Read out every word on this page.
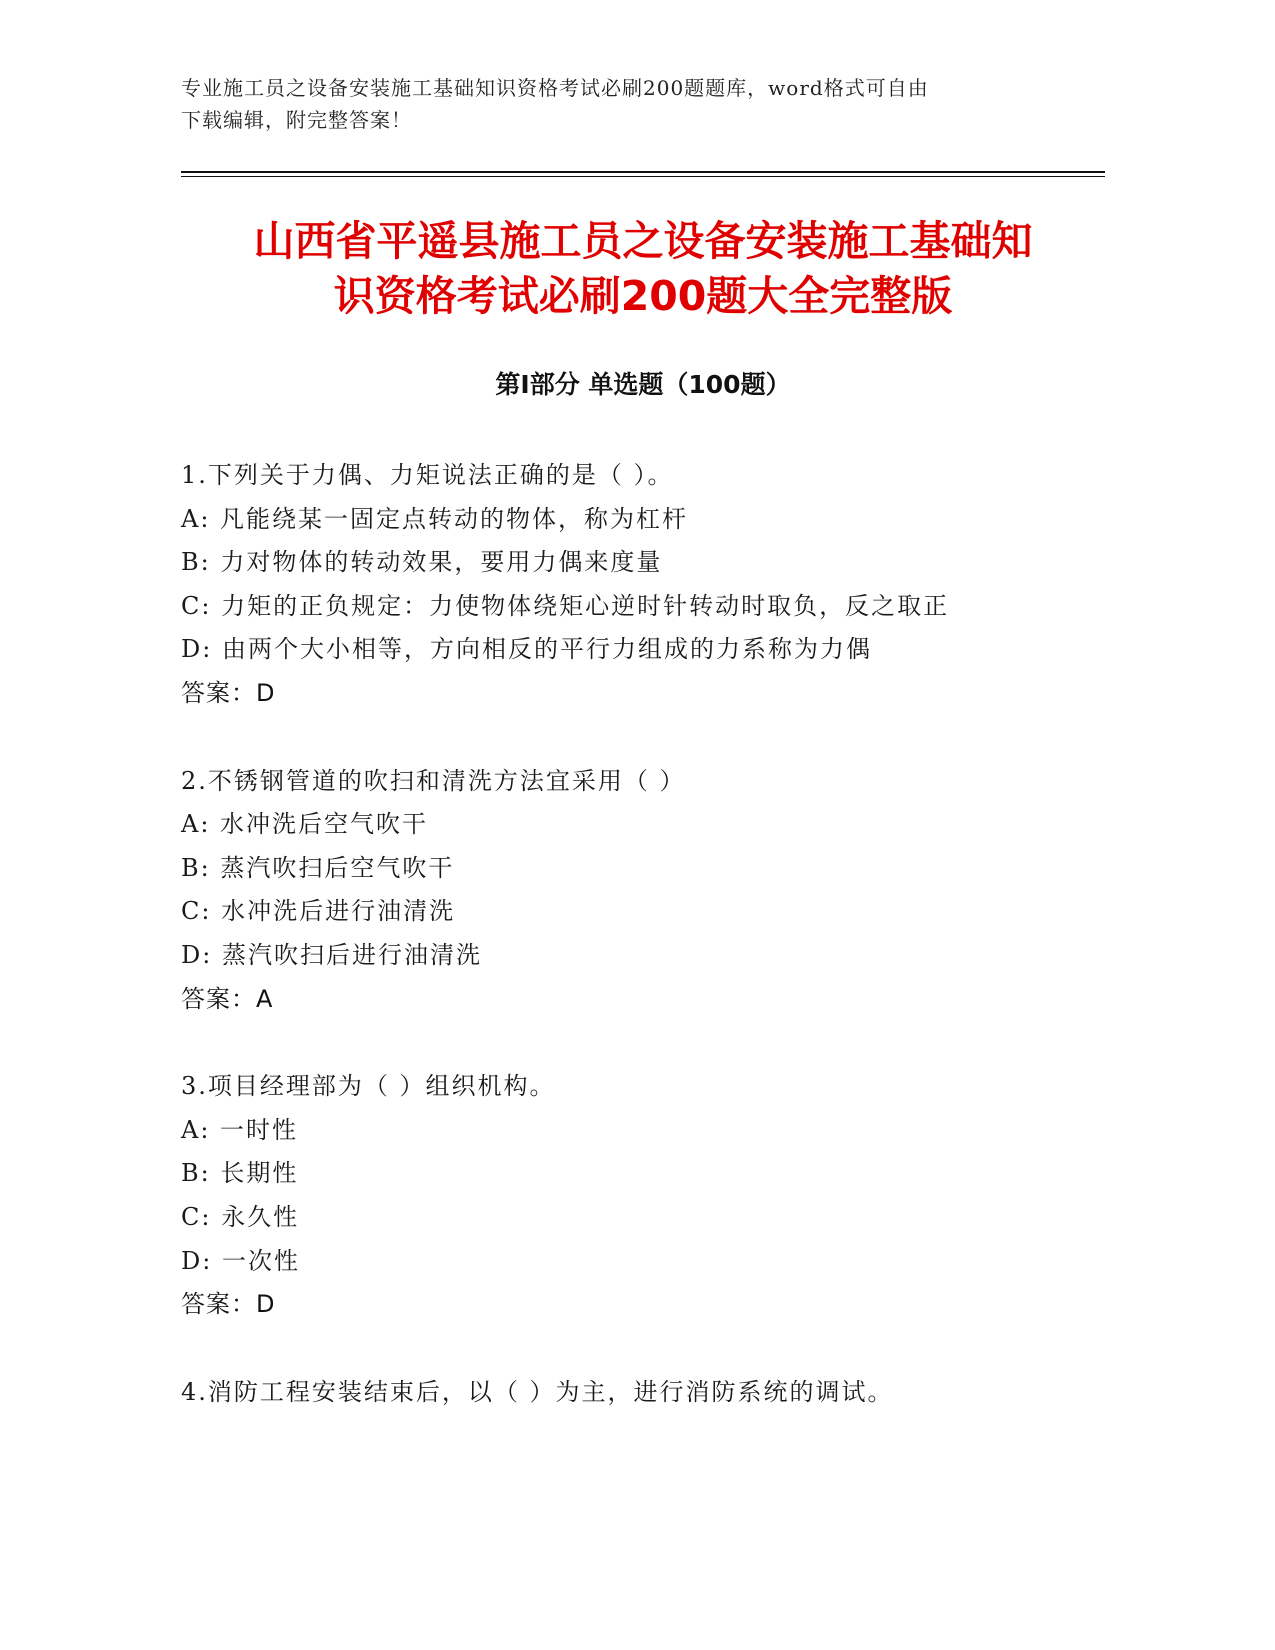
专业施工员之设备安装施工基础知识资格考试必刷200题题库，word格式可自由
下载编辑，附完整答案！
山西省平遥县施工员之设备安装施工基础知
识资格考试必刷200题大全完整版
第Ⅰ部分 单选题（100题）
1.下列关于力偶、力矩说法正确的是（ ）。
A: 凡能绕某一固定点转动的物体，称为杠杆
B: 力对物体的转动效果，要用力偶来度量
C: 力矩的正负规定：力使物体绕矩心逆时针转动时取负，反之取正
D: 由两个大小相等，方向相反的平行力组成的力系称为力偶
答案：D
2.不锈钢管道的吹扫和清洗方法宜采用（ ）
A: 水冲洗后空气吹干
B: 蒸汽吹扫后空气吹干
C: 水冲洗后进行油清洗
D: 蒸汽吹扫后进行油清洗
答案：A
3.项目经理部为（ ）组织机构。
A: 一时性
B: 长期性
C: 永久性
D: 一次性
答案：D
4.消防工程安装结束后，以（ ）为主，进行消防系统的调试。
